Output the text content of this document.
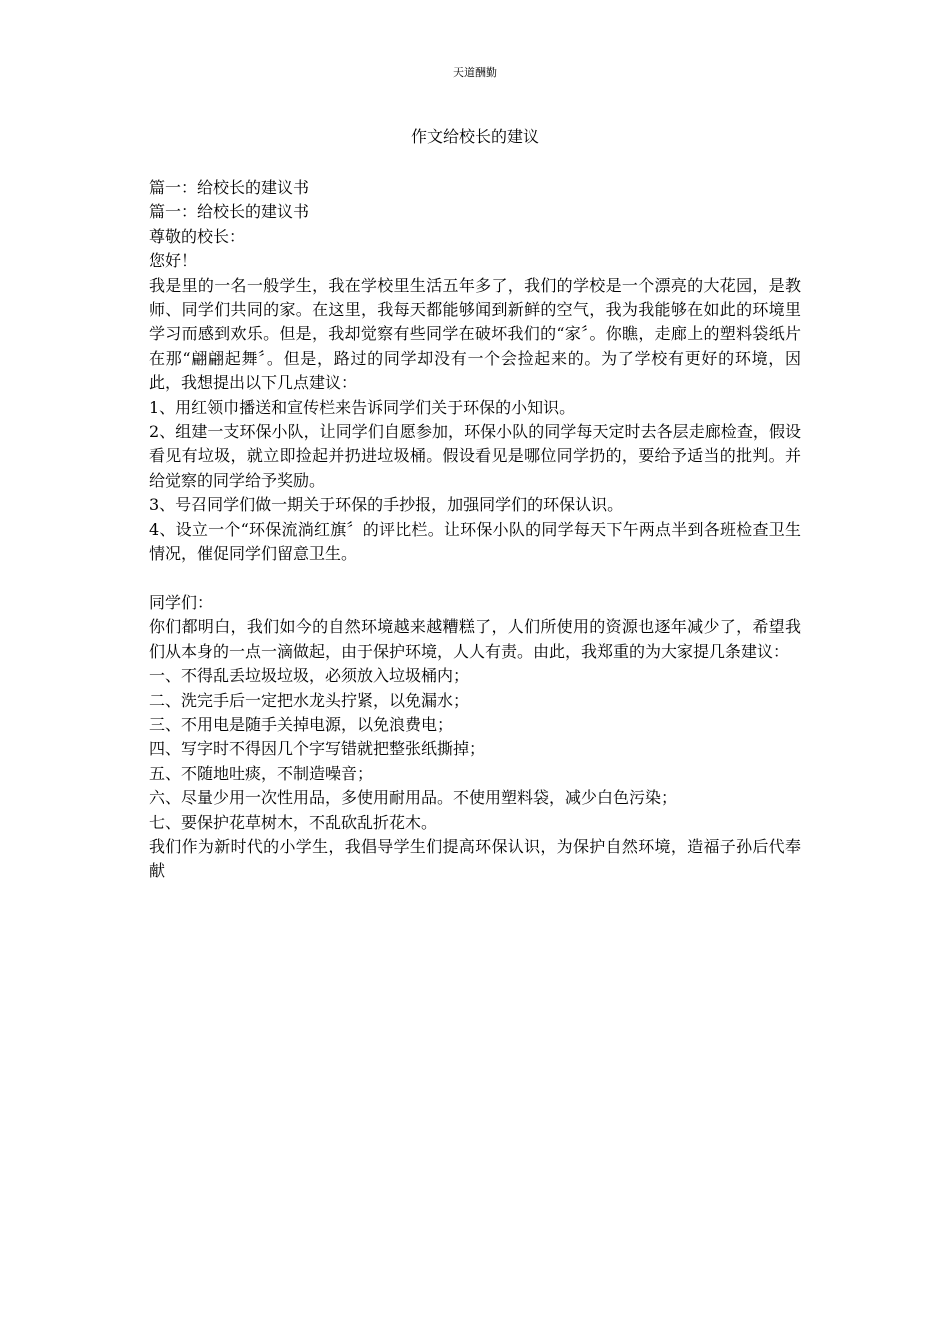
天道酬勤
作文给校长的建议

篇一：给校长的建议书

篇一：给校长的建议书

尊敬的校长：

您好！

我是里的一名一般学生，我在学校里生活五年多了，我们的学校是一个漂亮的大花园，是教师、同学们共同的家。在这里，我每天都能够闻到新鲜的空气，我为我能够在如此的环境里学习而感到欢乐。但是，我却觉察有些同学在破坏我们的“家〞。你瞧，走廊上的塑料袋纸片在那“翩翩起舞〞。但是，路过的同学却没有一个会捡起来的。为了学校有更好的环境，因此，我想提出以下几点建议：

1、用红领巾播送和宣传栏来告诉同学们关于环保的小知识。

2、组建一支环保小队，让同学们自愿参加，环保小队的同学每天定时去各层走廊检查，假设看见有垃圾，就立即捡起并扔进垃圾桶。假设看见是哪位同学扔的，要给予适当的批判。并给觉察的同学给予奖励。

3、号召同学们做一期关于环保的手抄报，加强同学们的环保认识。

4、设立一个“环保流淌红旗〞的评比栏。让环保小队的同学每天下午两点半到各班检查卫生情况，催促同学们留意卫生。

同学们：

你们都明白，我们如今的自然环境越来越糟糕了，人们所使用的资源也逐年减少了，希望我们从本身的一点一滴做起，由于保护环境，人人有责。由此，我郑重的为大家提几条建议：

一、不得乱丢垃圾垃圾，必须放入垃圾桶内；

二、洗完手后一定把水龙头拧紧，以免漏水；

三、不用电是随手关掉电源，以免浪费电；

四、写字时不得因几个字写错就把整张纸撕掉；

五、不随地吐痰，不制造噪音；

六、尽量少用一次性用品，多使用耐用品。不使用塑料袋，减少白色污染；

七、要保护花草树木，不乱砍乱折花木。

我们作为新时代的小学生，我倡导学生们提高环保认识，为保护自然环境，造福子孙后代奉献
